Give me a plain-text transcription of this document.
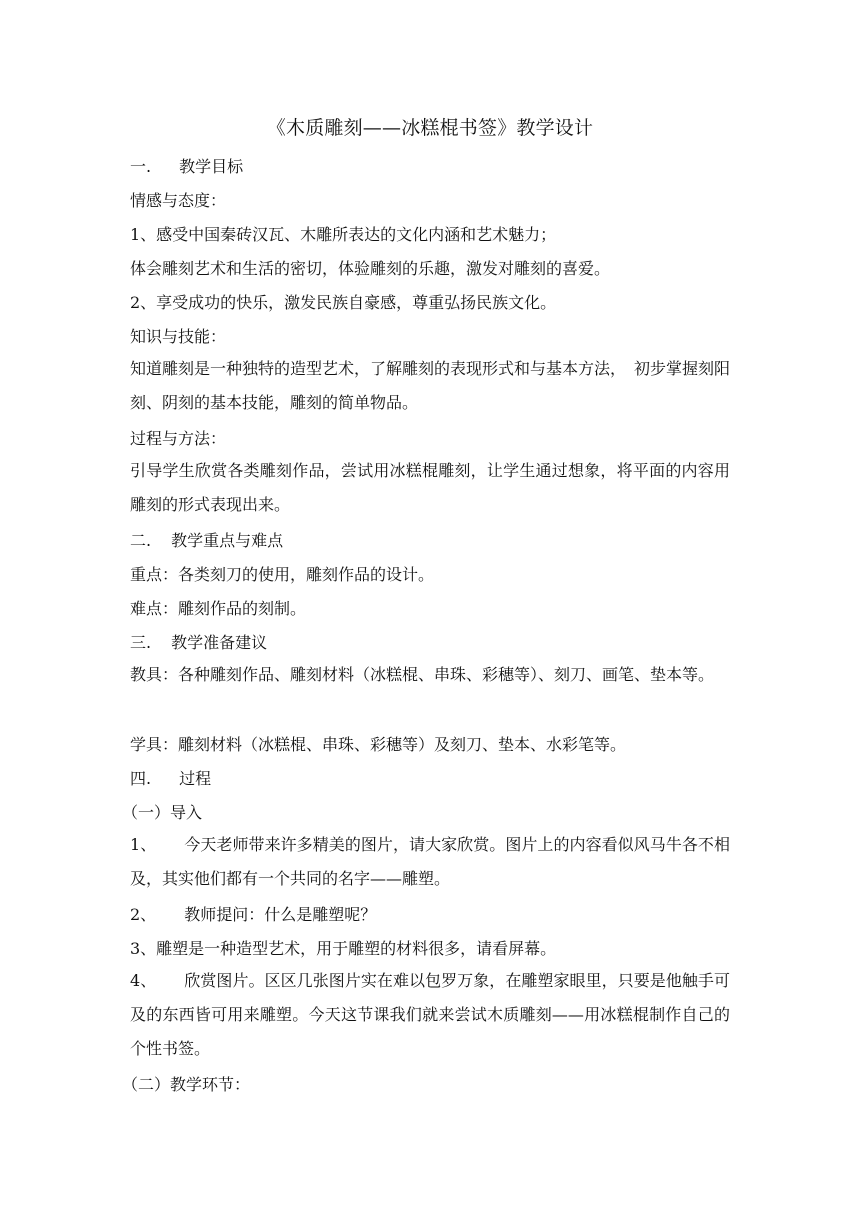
《木质雕刻——冰糕棍书签》教学设计
一. 教学目标
情感与态度：
1、感受中国秦砖汉瓦、木雕所表达的文化内涵和艺术魅力；
体会雕刻艺术和生活的密切，体验雕刻的乐趣，激发对雕刻的喜爱。
2、享受成功的快乐，激发民族自豪感，尊重弘扬民族文化。
知识与技能：
知道雕刻是一种独特的造型艺术，了解雕刻的表现形式和与基本方法，　初步掌握刻阳刻、阴刻的基本技能，雕刻的简单物品。
过程与方法：
引导学生欣赏各类雕刻作品，尝试用冰糕棍雕刻，让学生通过想象，将平面的内容用雕刻的形式表现出来。
二. 教学重点与难点
重点：各类刻刀的使用，雕刻作品的设计。
难点：雕刻作品的刻制。
三. 教学准备建议
教具：各种雕刻作品、雕刻材料（冰糕棍、串珠、彩穗等）、刻刀、画笔、垫本等。
学具：雕刻材料（冰糕棍、串珠、彩穗等）及刻刀、垫本、水彩笔等。
四. 过程
（一）导入
1、 今天老师带来许多精美的图片，请大家欣赏。图片上的内容看似风马牛各不相及，其实他们都有一个共同的名字——雕塑。
2、 教师提问：什么是雕塑呢？
3、雕塑是一种造型艺术，用于雕塑的材料很多，请看屏幕。
4、 欣赏图片。区区几张图片实在难以包罗万象，在雕塑家眼里，只要是他触手可及的东西皆可用来雕塑。今天这节课我们就来尝试木质雕刻——用冰糕棍制作自己的个性书签。
（二）教学环节：
